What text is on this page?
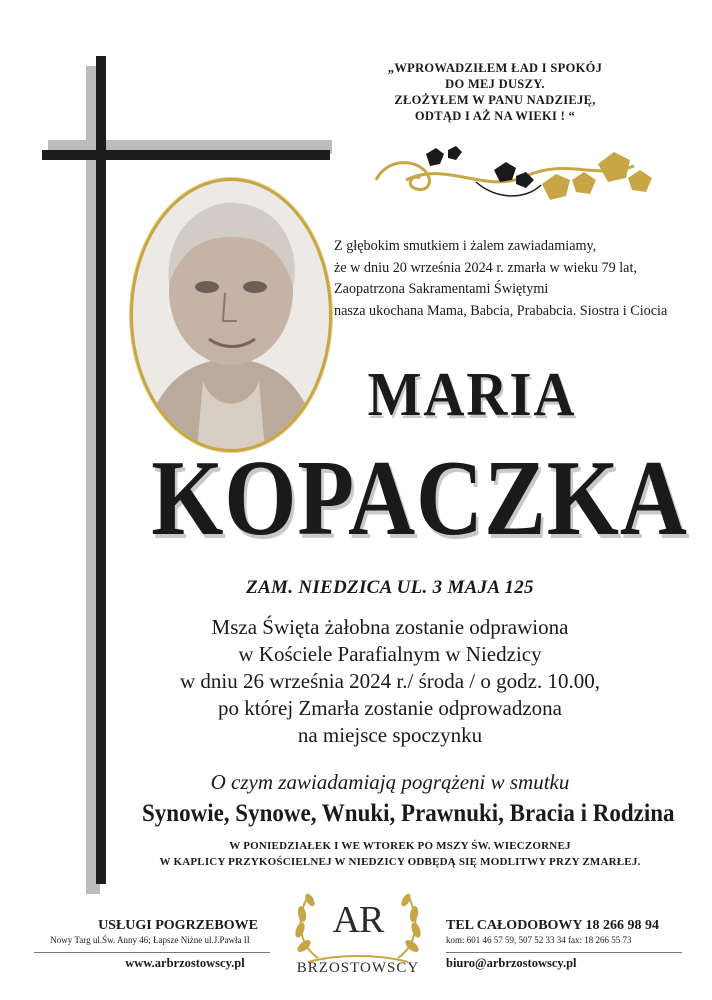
„WPROWADZIŁEM ŁAD I SPOKÓJ
DO MEJ DUSZY.
ZŁOŻYŁEM W PANU NADZIEJĘ,
ODTĄD I AŻ NA WIEKI ! “
Z głębokim smutkiem i żalem zawiadamiamy,
że w dniu 20 września 2024 r. zmarła w wieku 79 lat,
Zaopatrzona Sakramentami Świętymi
nasza ukochana Mama, Babcia, Prababcia. Siostra i Ciocia
MARIA
KOPACZKA
ZAM. NIEDZICA UL. 3 MAJA 125
Msza Święta żałobna zostanie odprawiona
w Kościele Parafialnym w Niedzicy
w dniu 26 września 2024 r./ środa / o godz. 10.00,
po której Zmarła zostanie odprowadzona
na miejsce spoczynku
O czym zawiadamiają pogrążeni w smutku
Synowie, Synowe, Wnuki, Prawnuki, Bracia i Rodzina
W PONIEDZIAŁEK I WE WTOREK PO MSZY ŚW. WIECZORNEJ
W KAPLICY PRZYKOŚCIELNEJ W NIEDZICY ODBĘDĄ SIĘ MODLITWY PRZY ZMARŁEJ.
USŁUGI POGRZEBOWE
Nowy Targ ul.Św. Anny 46; Łapsze Niżne ul.J.Pawła II
www.arbrzostowscy.pl
AR
BRZOSTOWSCY
TEL CAŁODOBOWY 18 266 98 94
kom: 601 46 57 59, 507 52 33 34 fax: 18 266 55 73
biuro@arbrzostowscy.pl
